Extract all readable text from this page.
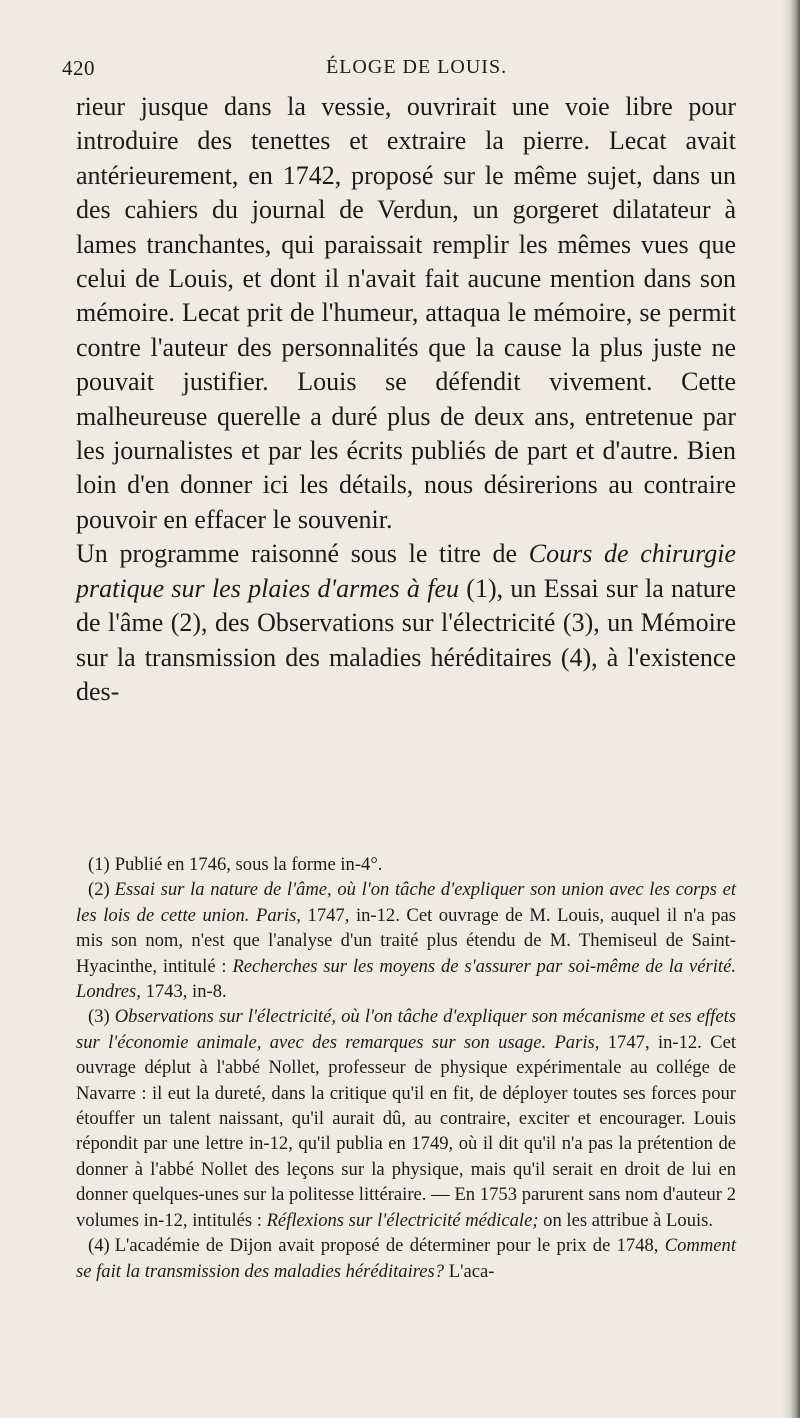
420	ÉLOGE DE LOUIS.

rieur jusque dans la vessie, ouvrirait une voie libre pour introduire des tenettes et extraire la pierre. Lecat avait antérieurement, en 1742, proposé sur le même sujet, dans un des cahiers du journal de Verdun, un gorgeret dilatateur à lames tranchantes, qui paraissait remplir les mêmes vues que celui de Louis, et dont il n'avait fait aucune mention dans son mémoire. Lecat prit de l'humeur, attaqua le mémoire, se permit contre l'auteur des personnalités que la cause la plus juste ne pouvait justifier. Louis se défendit vivement. Cette malheureuse querelle a duré plus de deux ans, entretenue par les journalistes et par les écrits publiés de part et d'autre. Bien loin d'en donner ici les détails, nous désirerions au contraire pouvoir en effacer le souvenir.

Un programme raisonné sous le titre de Cours de chirurgie pratique sur les plaies d'armes à feu (1), un Essai sur la nature de l'âme (2), des Observations sur l'électricité (3), un Mémoire sur la transmission des maladies héréditaires (4), à l'existence des-

(1) Publié en 1746, sous la forme in-4°.

(2) Essai sur la nature de l'âme, où l'on tâche d'expliquer son union avec les corps et les lois de cette union. Paris, 1747, in-12. Cet ouvrage de M. Louis, auquel il n'a pas mis son nom, n'est que l'analyse d'un traité plus étendu de M. Themiseul de Saint-Hyacinthe, intitulé : Recherches sur les moyens de s'assurer par soi-même de la vérité. Londres, 1743, in-8.

(3) Observations sur l'électricité, où l'on tâche d'expliquer son mécanisme et ses effets sur l'économie animale, avec des remarques sur son usage. Paris, 1747, in-12. Cet ouvrage déplut à l'abbé Nollet, professeur de physique expérimentale au collége de Navarre : il eut la dureté, dans la critique qu'il en fit, de déployer toutes ses forces pour étouffer un talent naissant, qu'il aurait dû, au contraire, exciter et encourager. Louis répondit par une lettre in-12, qu'il publia en 1749, où il dit qu'il n'a pas la prétention de donner à l'abbé Nollet des leçons sur la physique, mais qu'il serait en droit de lui en donner quelques-unes sur la politesse littéraire. — En 1753 parurent sans nom d'auteur 2 volumes in-12, intitulés : Réflexions sur l'électricité médicale; on les attribue à Louis.

(4) L'académie de Dijon avait proposé de déterminer pour le prix de 1748, Comment se fait la transmission des maladies héréditaires? L'aca-
